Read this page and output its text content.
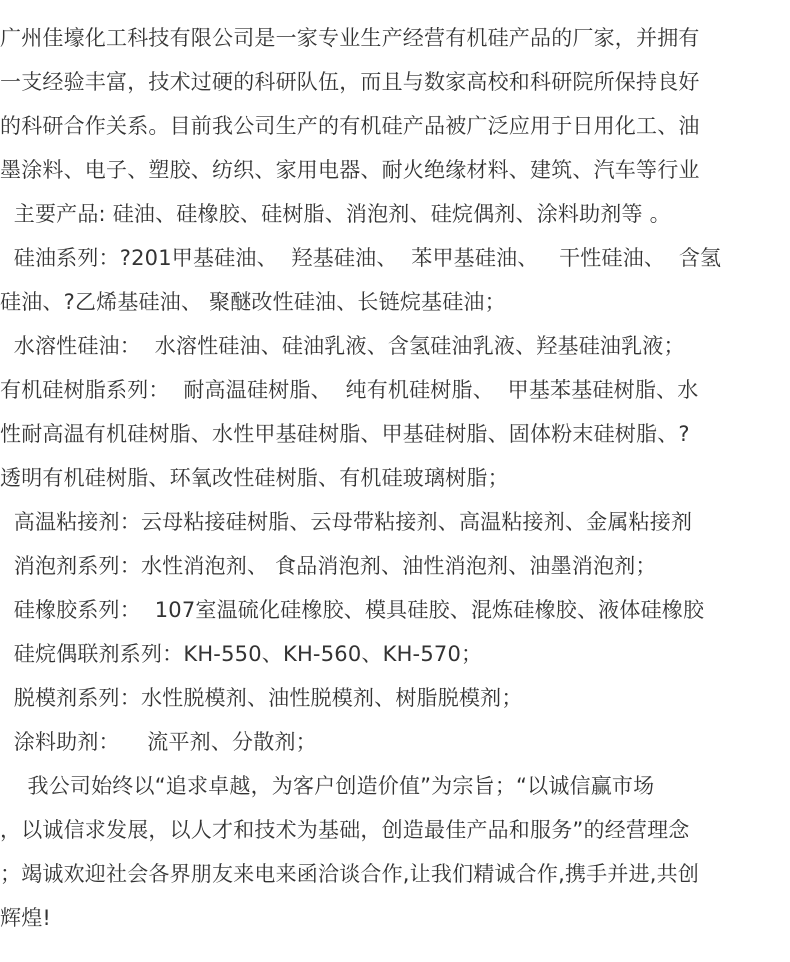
广州佳壕化工科技有限公司是一家专业生产经营有机硅产品的厂家，并拥有
一支经验丰富，技术过硬的科研队伍，而且与数家高校和科研院所保持良好
的科研合作关系。目前我公司生产的有机硅产品被广泛应用于日用化工、油
墨涂料、电子、塑胶、纺织、家用电器、耐火绝缘材料、建筑、汽车等行业
主要产品: 硅油、硅橡胶、硅树脂、消泡剂、硅烷偶剂、涂料助剂等 。
硅油系列：?201甲基硅油、  羟基硅油、  苯甲基硅油、   干性硅油、  含氢
硅油、?乙烯基硅油、 聚醚改性硅油、长链烷基硅油；
水溶性硅油：  水溶性硅油、硅油乳液、含氢硅油乳液、羟基硅油乳液；
有机硅树脂系列：  耐高温硅树脂、  纯有机硅树脂、  甲基苯基硅树脂、水
性耐高温有机硅树脂、水性甲基硅树脂、甲基硅树脂、固体粉末硅树脂、?
透明有机硅树脂、环氧改性硅树脂、有机硅玻璃树脂；
高温粘接剂：云母粘接硅树脂、云母带粘接剂、高温粘接剂、金属粘接剂
消泡剂系列：水性消泡剂、 食品消泡剂、油性消泡剂、油墨消泡剂；
硅橡胶系列：  107室温硫化硅橡胶、模具硅胶、混炼硅橡胶、液体硅橡胶
硅烷偶联剂系列：KH-550、KH-560、KH-570；
脱模剂系列：水性脱模剂、油性脱模剂、树脂脱模剂；
涂料助剂：    流平剂、分散剂；
我公司始终以“追求卓越，为客户创造价值”为宗旨；“以诚信赢市场
，以诚信求发展，以人才和技术为基础，创造最佳产品和服务”的经营理念
；竭诚欢迎社会各界朋友来电来函洽谈合作,让我们精诚合作,携手并进,共创
辉煌!
